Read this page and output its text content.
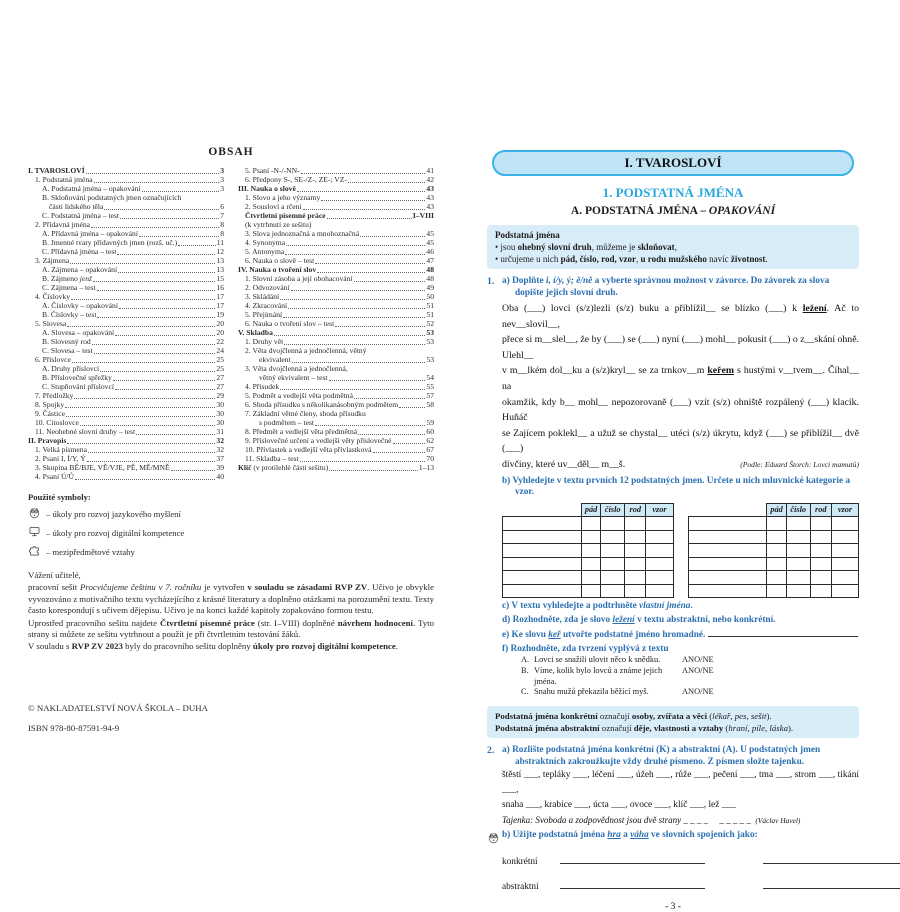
OBSAH
I. TVAROSLOVÍ	3
1. Podstatná jména	3
A. Podstatná jména – opakování	3
B. Skloňování podstatných jmen označujících
části lidského těla	6
C. Podstatná jména – test	7
2. Přídavná jména	8
A. Přídavná jména – opakování	8
B. Jmenné tvary přídavných jmen (rozš. uč.)	11
C. Přídavná jména – test	12
3. Zájmena	13
A. Zájmena – opakování	13
B. Zájmeno jenž	15
C. Zájmena – test	16
4. Číslovky	17
A. Číslovky – opakování	17
B. Číslovky – test	19
5. Slovesa	20
A. Slovesa – opakování	20
B. Slovesný rod	22
C. Slovesa – test	24
6. Příslovce	25
A. Druhy příslovcí	25
B. Příslovečné spřežky	27
C. Stupňování příslovcí	27
7. Předložky	29
8. Spojky	30
9. Částice	30
10. Citoslovce	30
11. Neohebné slovní druhy – test	31
II. Pravopis	32
1. Velká písmena	32
2. Psaní I, Í/Y, Ý	37
3. Skupina BĚ/BJE, VĚ/VJE, PĚ, MĚ/MNĚ	39
4. Psaní Ú/Ů	40
5. Psaní -N-/-NN-	41
6. Předpony S-, SE-/Z-, ZE-; VZ-	42
III. Nauka o slově	43
1. Slovo a jeho významy	43
2. Sousloví a rčení	43
Čtvrtletní písemné práce	I–VIII
(k vytrhnutí ze sešitu)
3. Slova jednoznačná a mnohoznačná	45
4. Synonyma	45
5. Antonyma	46
6. Nauka o slově – test	47
IV. Nauka o tvoření slov	48
1. Slovní zásoba a její obohacování	48
2. Odvozování	49
3. Skládání	50
4. Zkracování	51
5. Přejímání	51
6. Nauka o tvoření slov – test	52
V. Skladba	53
1. Druhy vět	53
2. Věta dvojčlenná a jednočlenná, větný
ekvivalent	53
3. Věta dvojčlenná a jednočlenná,
větný ekvivalent – test	54
4. Přísudek	55
5. Podmět a vedlejší věta podmětná	57
6. Shoda přísudku s několikanásobným podmětem	58
7. Základní větné členy, shoda přísudku
s podmětem – test	59
8. Předmět a vedlejší věta předmětná	60
9. Příslovečné určení a vedlejší věty příslovečné	62
10. Přívlastek a vedlejší věta přívlastková	67
11. Skladba – test	70
Klíč (v protilehlé části sešitu)	1–13
Použité symboly:
– úkoly pro rozvoj jazykového myšlení
– úkoly pro rozvoj digitální kompetence
– mezipředmětové vztahy

Vážení učitelé,

pracovní sešit Procvičujeme češtinu v 7. ročníku je vytvořen v souladu se zásadami RVP ZV. Učivo je obvykle vyvozováno z motivačního textu vycházejícího z krásné literatury a doplněno otázkami na porozumění textu. Texty často korespondují s učivem dějepisu. Učivo je na konci každé kapitoly zopakováno formou testu.

Uprostřed pracovního sešitu najdete Čtvrtletní písemné práce (str. I–VIII) doplněné návrhem hodnocení. Tyto strany si můžete ze sešitu vytrhnout a použít je při čtvrtletním testování žáků.

V souladu s RVP ZV 2023 byly do pracovního sešitu doplněny úkoly pro rozvoj digitální kompetence.

© NAKLADATELSTVÍ NOVÁ ŠKOLA – DUHA
ISBN 978-80-87591-94-9
I. TVAROSLOVÍ
1. PODSTATNÁ JMÉNA
A. PODSTATNÁ JMÉNA – OPAKOVÁNÍ
Podstatná jména
• jsou ohebný slovní druh, můžeme je skloňovat,
• určujeme u nich pád, číslo, rod, vzor, u rodu mužského navíc životnost.
1. a) Doplňte i, í/y, ý; ě/ně a vyberte správnou možnost v závorce. Do závorek za slova dopište jejich slovní druh.
Oba (___) lovci (s/z)lezli (s/z) buku a přiblížil__ se blízko (___) k ležení. Ač to nev__slovil__,
přece si m__slel__, že by (___) se (___) nyní (___) mohl__ pokusit (___) o z__skání ohně. Ulehl__
v m__lkém dol__ku a (s/z)kryl__ se za trnkov__m keřem s hustými v__tvem__. Číhal__ na
okamžik, kdy b__ mohl__ nepozorovaně (___) vzít (s/z) ohniště rozpálený (___) klacík. Huňáč
se Zajícem poklekl__ a užuž se chystal__ utéci (s/z) úkrytu, když (___) se přiblížil__ dvě (___)
dívčiny, které uv__děl__ m__š.	(Podle: Eduard Štorch: Lovci mamutů)
b) Vyhledejte v textu prvních 12 podstatných jmen. Určete u nich mluvnické kategorie a vzor.
	pád	číslo	rod	vzor

		pád	číslo	rod	vzor

c) V textu vyhledejte a podtrhněte vlastní jména.
d) Rozhodněte, zda je slovo ležení v textu abstraktní, nebo konkrétní.
e) Ke slovu keř utvořte podstatné jméno hromadné.
f) Rozhodněte, zda tvrzení vyplývá z textu
A. Lovci se snažili ulovit něco k snědku.	ANO/NE
B. Víme, kolik bylo lovců a známe jejich jména.
ANO/NE
C. Snahu mužů překazila běžící myš.	ANO/NE
Podstatná jména konkrétní označují osoby, zvířata a věci (lékař, pes, sešit).
Podstatná jména abstraktní označují děje, vlastnosti a vztahy (hraní, píle, láska).
2. a) Rozlište podstatná jména konkrétní (K) a abstraktní (A). U podstatných jmen abstraktních zakroužkujte vždy druhé písmeno. Z písmen složte tajenku.
štěstí ___, tepláky ___, léčení ___, úžeh ___, růže ___, pečení ___, tma ___, strom ___, tikání ___,
snaha ___, krabice ___, úcta ___, ovoce ___, klíč ___, lež ___
Tajenka: Svoboda a zodpovědnost jsou dvě strany _ _ _ _     _ _ _ _ _  (Václav Havel)
b) Užijte podstatná jména hra a váha ve slovních spojeních jako:
konkrétní
abstraktní
- 3 -
